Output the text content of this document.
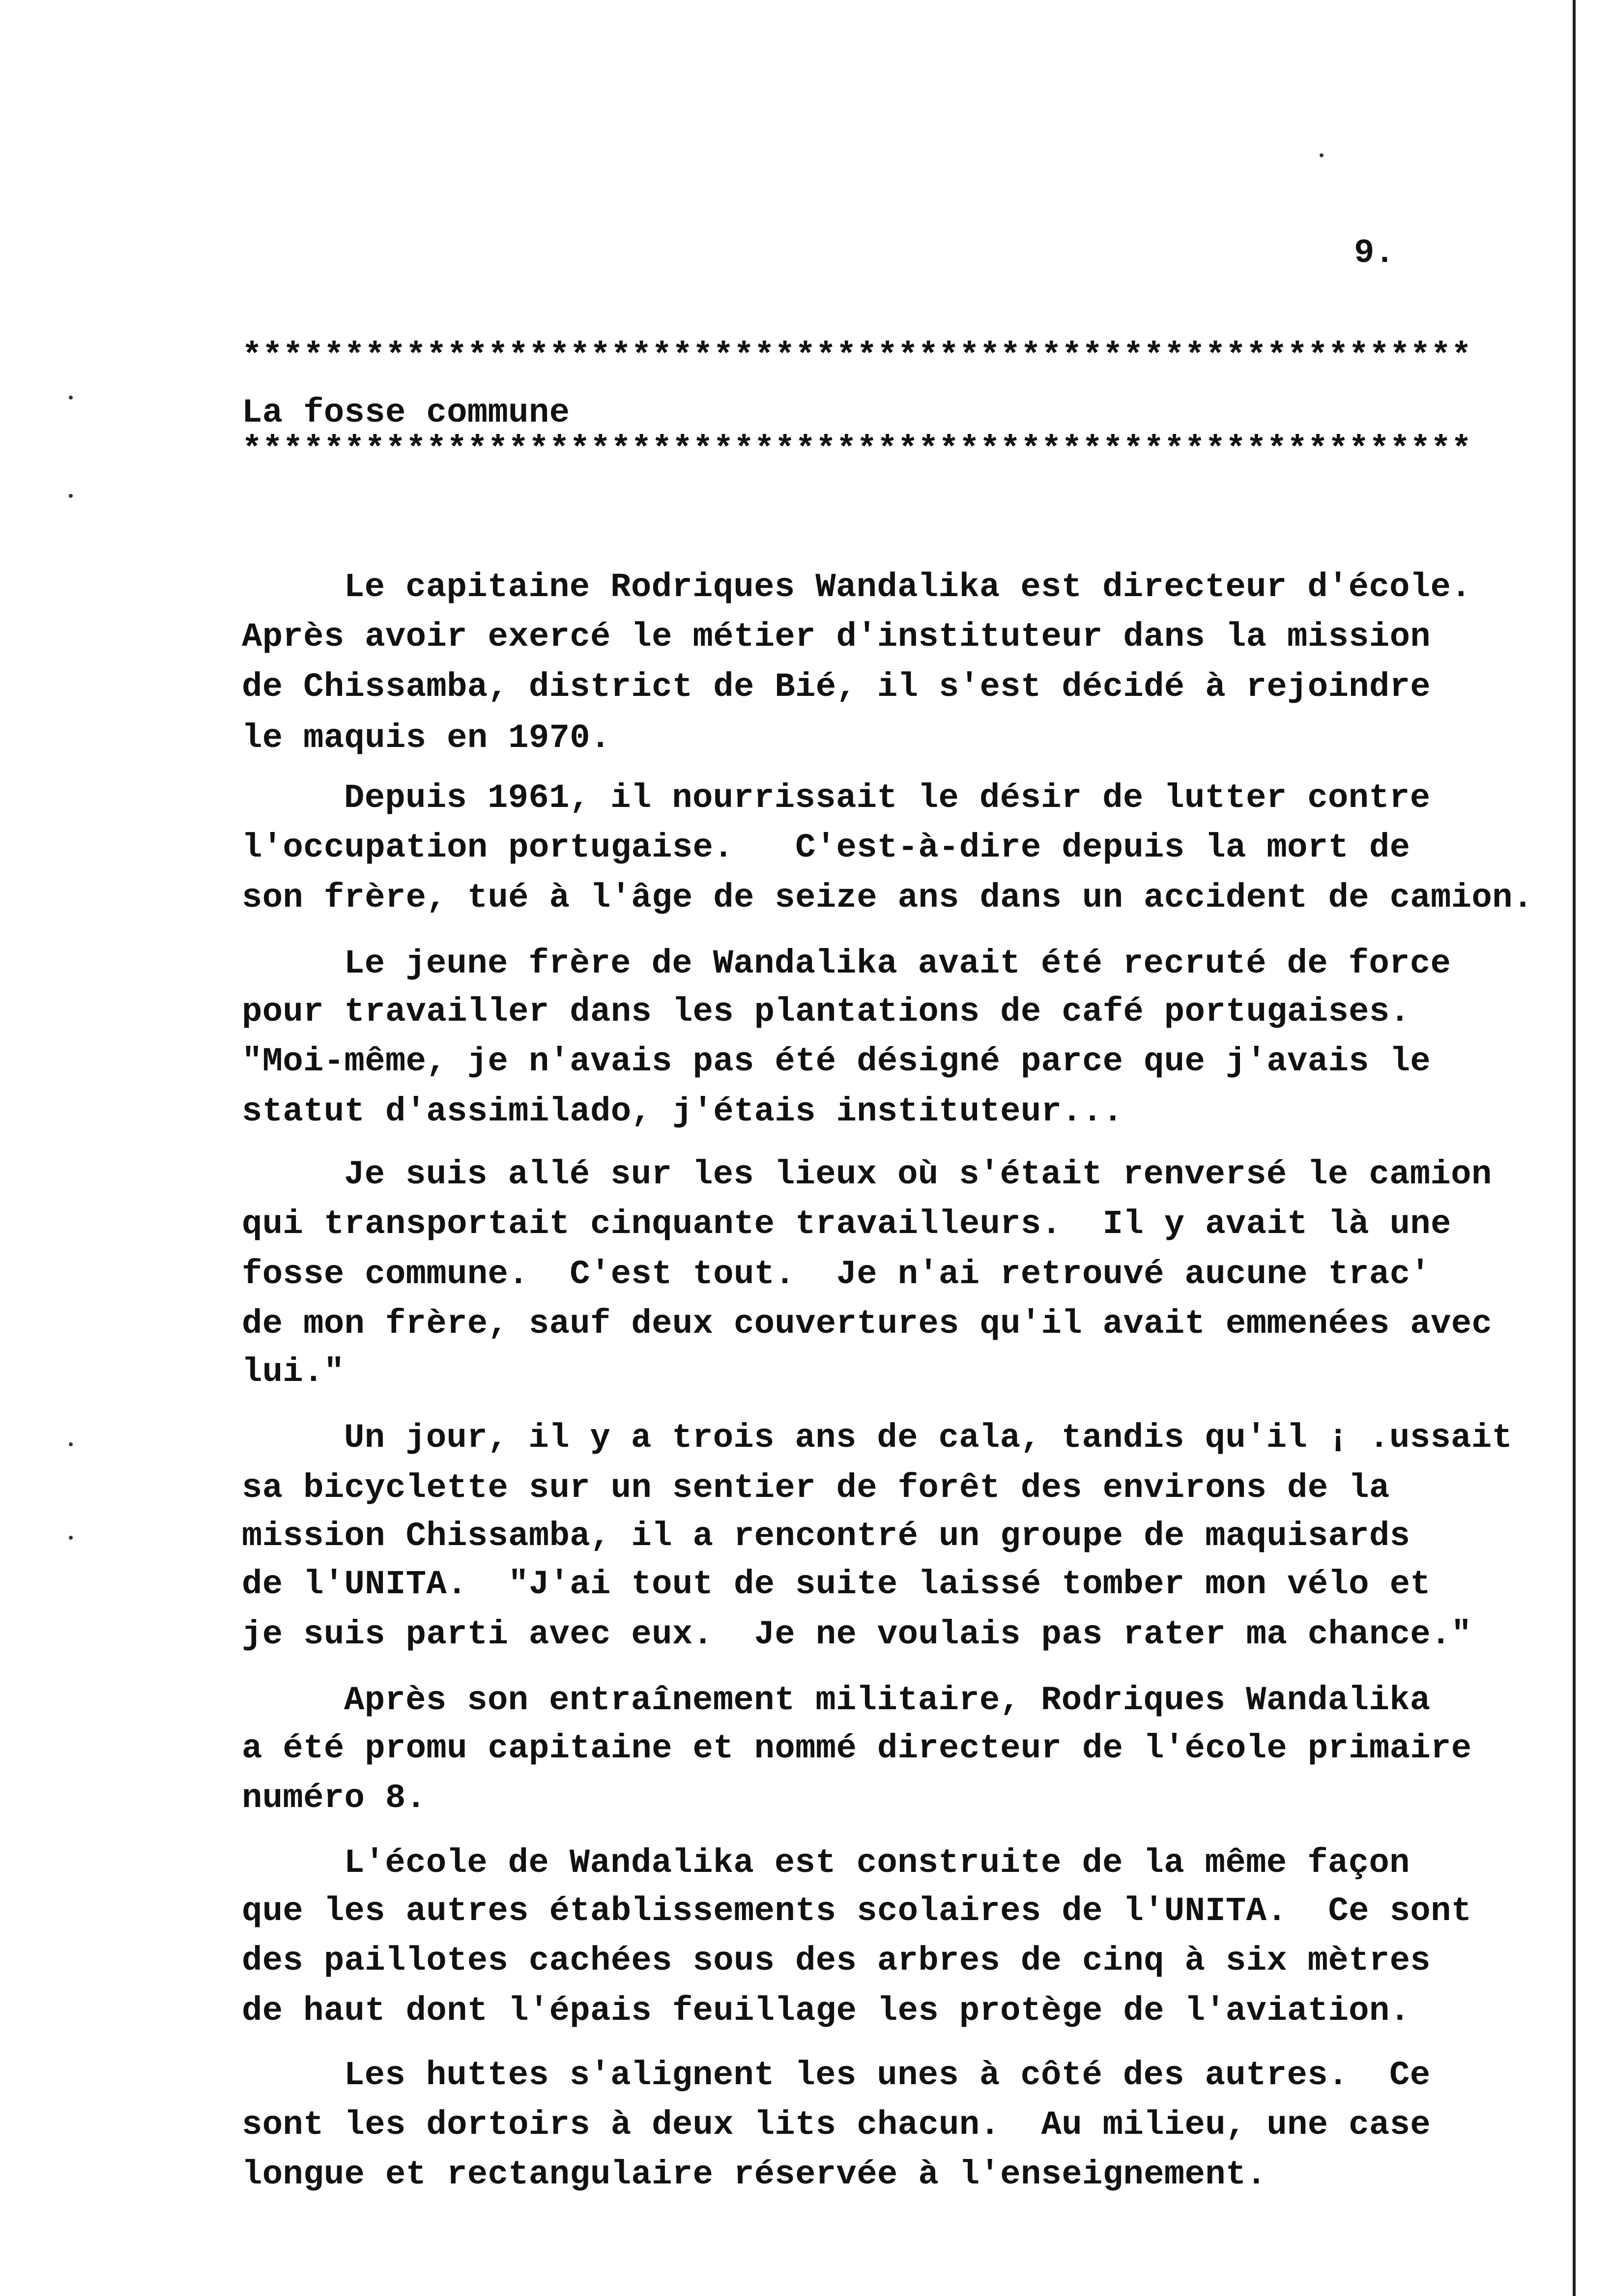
9.
************************************************************
La fosse commune
************************************************************
Le capitaine Rodriques Wandalika est directeur d'école.
Après avoir exercé le métier d'instituteur dans la mission
de Chissamba, district de Bié, il s'est décidé à rejoindre
le maquis en 1970.
Depuis 1961, il nourrissait le désir de lutter contre
l'occupation portugaise.   C'est-à-dire depuis la mort de
son frère, tué à l'âge de seize ans dans un accident de camion.
Le jeune frère de Wandalika avait été recruté de force
pour travailler dans les plantations de café portugaises.
"Moi-même, je n'avais pas été désigné parce que j'avais le
statut d'assimilado, j'étais instituteur...
Je suis allé sur les lieux où s'était renversé le camion
qui transportait cinquante travailleurs.  Il y avait là une
fosse commune.  C'est tout.  Je n'ai retrouvé aucune trac'
de mon frère, sauf deux couvertures qu'il avait emmenées avec
lui."
Un jour, il y a trois ans de cala, tandis qu'il ¡ .ussait
sa bicyclette sur un sentier de forêt des environs de la
mission Chissamba, il a rencontré un groupe de maquisards
de l'UNITA.  "J'ai tout de suite laissé tomber mon vélo et
je suis parti avec eux.  Je ne voulais pas rater ma chance."
Après son entraînement militaire, Rodriques Wandalika
a été promu capitaine et nommé directeur de l'école primaire
numéro 8.
L'école de Wandalika est construite de la même façon
que les autres établissements scolaires de l'UNITA.  Ce sont
des paillotes cachées sous des arbres de cinq à six mètres
de haut dont l'épais feuillage les protège de l'aviation.
Les huttes s'alignent les unes à côté des autres.  Ce
sont les dortoirs à deux lits chacun.  Au milieu, une case
longue et rectangulaire réservée à l'enseignement.
